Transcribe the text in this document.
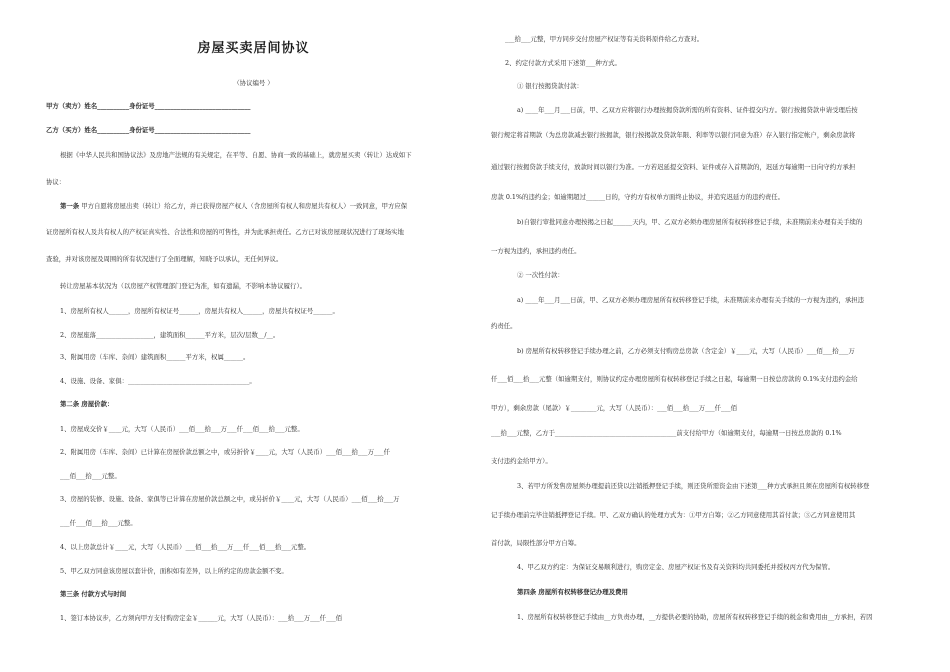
房屋买卖居间协议
（协议编号 ）
甲方（卖方）姓名__________身份证号______________________________
乙方（买方）姓名__________身份证号______________________________
根据《中华人民共和国协议法》及房地产法规的有关规定，在平等、自愿、协商一致的基础上，就房屋买卖（转让）达成如下
协议：
第一条 甲方自愿将房屋出卖（转让）给乙方，并已获得房屋产权人（含房屋所有权人和房屋共有权人）一致同意，甲方应保
证房屋所有权人及共有权人的产权证真实性、合法性和房屋的可售性，并为此承担责任。乙方已对该房屋现状况进行了现场实地
查验，并对该房屋及周围的所有状况进行了全面理解，知晓予以承认，无任何异议。
转让房屋基本状况为（以房屋产权管理部门登记为准，如有遗漏，不影响本协议履行）。
1、房屋所有权人______，房屋所有权证号______，房屋共有权人______，房屋共有权证号______。
2、房屋座落__________________，建筑面积______平方米，层次/层数__/__。
3、附属用房（车库、杂间）建筑面积______平方米，权属______。
4、设施、设备、家俱：______________________________________。
第二条 房屋价款：
1、房屋成交价￥____元，大写（人民币）___佰___拾___万___仟___佰___拾___元整。
2、附属用房（车库、杂间）已计算在房屋价款总额之中，或另折价￥____元，大写（人民币）___佰___拾___万___仟
___佰___拾___元整。
3、房屋的装修、设施、设备、家俱等已计算在房屋价款总额之中，或另折价￥____元，大写（人民币）___佰___拾___万
___仟___佰___拾___元整。
4、以上房款总计￥____元，大写（人民币）___佰___拾___万___仟___佰___拾___元整。
5、甲乙双方同意该房屋以套计价，面积如有差异，以上所约定的房款金额不变。
第三条 付款方式与时间
1、签订本协议步，乙方须向甲方支付购房定金￥______元，大写（人民币）：___拾___万___仟___佰
___拾___元整，甲方同步交付房屋产权证等有关资料原件给乙方查对。
2、约定付款方式采用下述第___种方式。
① 银行按揭贷款付款：
a) ____年___月___日前，甲、乙双方应将银行办理按揭贷款所需的所有资料、证件提交内方。银行按揭贷款申请受理后按
银行规定将首期款（为总房款减去银行按揭款，银行按揭款及贷款年限、利率等以银行同意为准）存入银行指定帐户，剩余房款将
通过银行按揭贷款手续支付，放款时间以银行为准。一方若迟延提交资料、证件或存入首期款的，迟延方每逾期一日向守约方承担
房款 0.1%的违约金；如逾期超过______日的，守约方有权单方面终止协议，并追究迟延方的违约责任。
b)自银行审批同意办理按揭之日起______天内，甲、乙双方必须办理房屋所有权转移登记手续，未准期前来办理有关手续的
一方视为违约，承担违约责任。
② 一次性付款：
a) ____年___月___日前，甲、乙双方必须办理房屋所有权转移登记手续，未准期前来办理有关手续的一方视为违约，承担违
约责任。
b) 房屋所有权转移登记手续办理之前，乙方必须支付购房总房款（含定金）￥____元，大写（人民币）___佰___拾___万
仟___佰___拾___元整（如逾期支付，则协议约定办理房屋所有权转移登记手续之日起，每逾期一日按总房款的 0.1%支付违约金给
甲方），剩余房款（尾款）￥________元，大写（人民币）：___佰___拾___万___仟___佰
___拾___元整，乙方于______________________________________前支付给甲方（如逾期支付，每逾期一日按总房款的 0.1%
支付违约金给甲方）。
3、若甲方所发售房屋须办理提前还贷以注销抵押登记手续，则还贷所需资金由下述第___种方式承担且须在房屋所有权转移登
记手续办理前完毕注销抵押登记手续。甲、乙双方确认的处理方式为：①甲方自筹；②乙方同意使用其首付款；③乙方同意使用其
首付款，局限性部分甲方自筹。
4、甲乙双方约定：为保证交易顺利进行，购房定金、房屋产权证书及有关资料均共同委托并授权丙方代为保管。
第四条 房屋所有权转移登记办理及费用
1、房屋所有权转移登记手续由__方负责办理，__方提供必要的协助，房屋所有权转移登记手续的税金和费用由__方承担，若因
